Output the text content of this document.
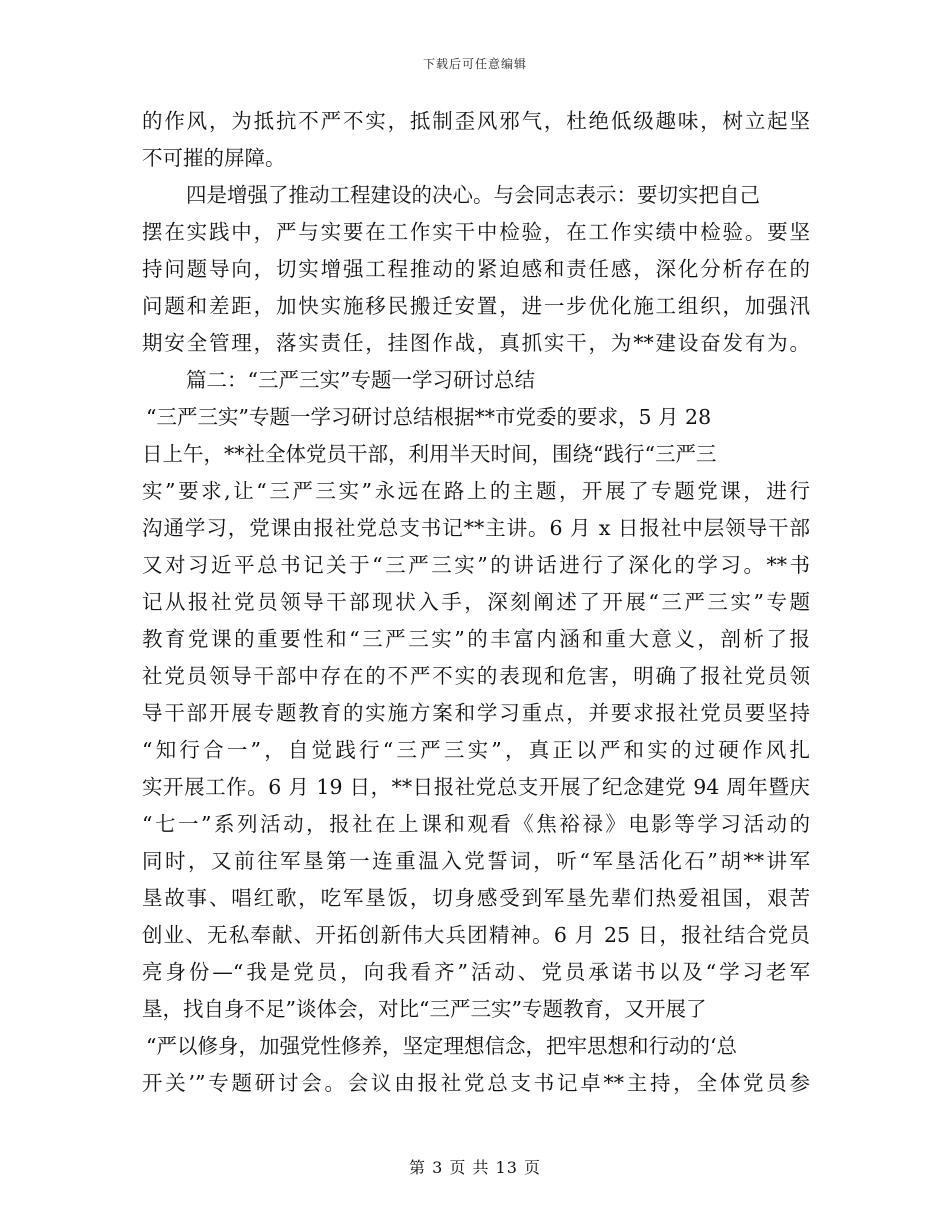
下载后可任意编辑
的作风，为抵抗不严不实，抵制歪风邪气，杜绝低级趣味，树立起坚
不可摧的屏障。
四是增强了推动工程建设的决心。与会同志表示：要切实把自己
摆在实践中，严与实要在工作实干中检验，在工作实绩中检验。要坚
持问题导向，切实增强工程推动的紧迫感和责任感，深化分析存在的
问题和差距，加快实施移民搬迁安置，进一步优化施工组织，加强汛
期安全管理，落实责任，挂图作战，真抓实干，为**建设奋发有为。
篇二：“三严三实”专题一学习研讨总结
“三严三实”专题一学习研讨总结根据**市党委的要求，5 月 28
日上午，**社全体党员干部，利用半天时间，围绕“践行“三严三
实”要求,让“三严三实”永远在路上的主题，开展了专题党课，进行
沟通学习，党课由报社党总支书记**主讲。6 月 x 日报社中层领导干部
又对习近平总书记关于“三严三实”的讲话进行了深化的学习。**书
记从报社党员领导干部现状入手，深刻阐述了开展“三严三实”专题
教育党课的重要性和“三严三实”的丰富内涵和重大意义，剖析了报
社党员领导干部中存在的不严不实的表现和危害，明确了报社党员领
导干部开展专题教育的实施方案和学习重点，并要求报社党员要坚持
“知行合一”，自觉践行“三严三实”，真正以严和实的过硬作风扎
实开展工作。6 月 19 日，**日报社党总支开展了纪念建党 94 周年暨庆
“七一”系列活动，报社在上课和观看《焦裕禄》电影等学习活动的
同时，又前往军垦第一连重温入党誓词，听“军垦活化石”胡**讲军
垦故事、唱红歌，吃军垦饭，切身感受到军垦先辈们热爱祖国，艰苦
创业、无私奉献、开拓创新伟大兵团精神。6 月 25 日，报社结合党员
亮身份—“我是党员，向我看齐”活动、党员承诺书以及“学习老军
垦，找自身不足”谈体会，对比“三严三实”专题教育，又开展了
“严以修身，加强党性修养，坚定理想信念，把牢思想和行动的‘总
开关’”专题研讨会。会议由报社党总支书记卓**主持，全体党员参
第 3 页 共 13 页
